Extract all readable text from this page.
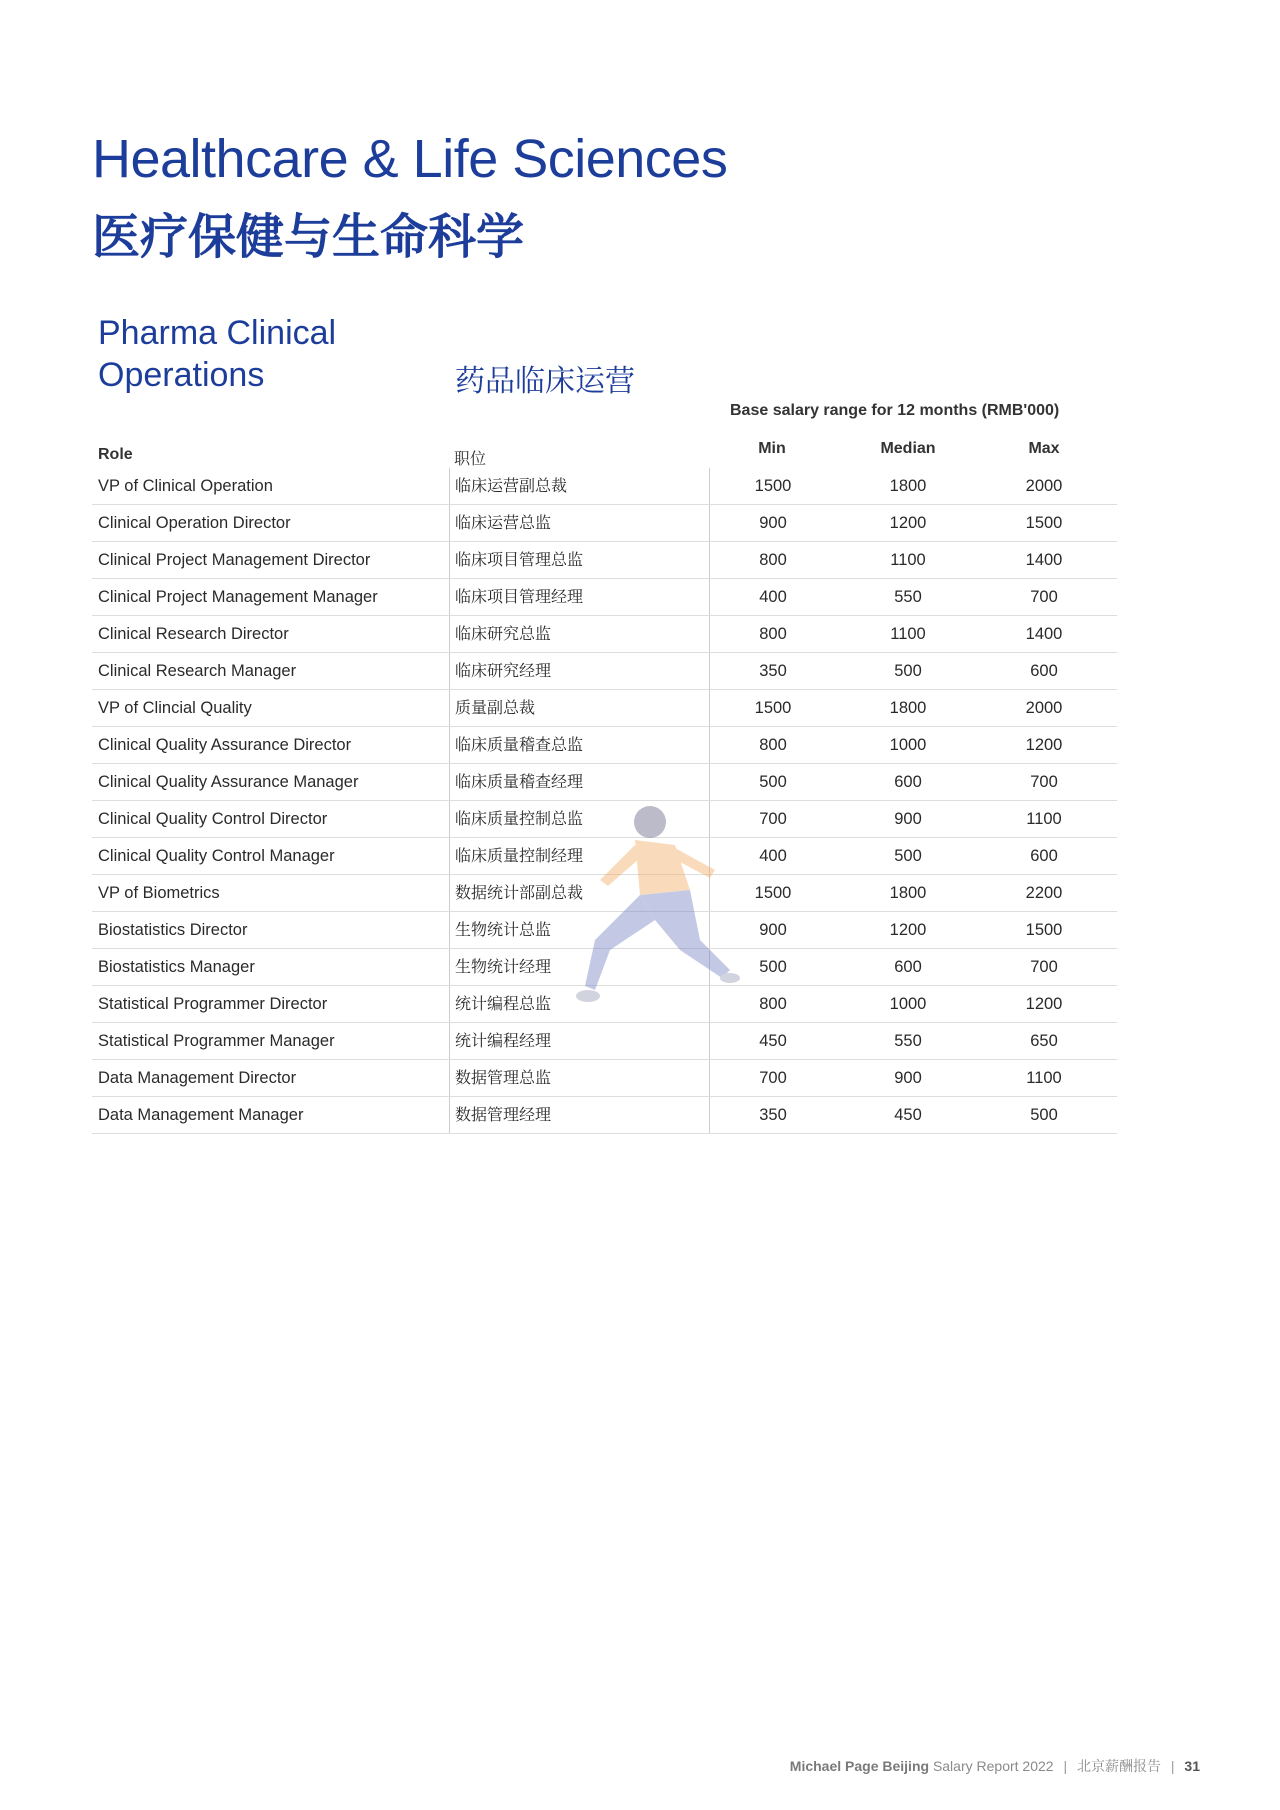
Healthcare & Life Sciences
医疗保健与生命科学
Pharma Clinical
Operations	药品临床运营
Base salary range for 12 months (RMB'000)
Role	职位
Min	Median	Max
VP of Clinical Operation	临床运营副总裁	1500	1800	2000
Clinical Operation Director	临床运营总监	900	1200	1500
Clinical Project Management Director	临床项目管理总监	800	1100	1400
Clinical Project Management Manager	临床项目管理经理	400	550	700
Clinical Research Director	临床研究总监	800	1100	1400
Clinical Research Manager	临床研究经理	350	500	600
VP of Clincial Quality	质量副总裁	1500	1800	2000
Clinical Quality Assurance Director	临床质量稽查总监	800	1000	1200
Clinical Quality Assurance Manager	临床质量稽查经理	500	600	700
Clinical Quality Control Director	临床质量控制总监	700	900	1100
Clinical Quality Control Manager	临床质量控制经理	400	500	600
VP of Biometrics	数据统计部副总裁	1500	1800	2200
Biostatistics Director	生物统计总监	900	1200	1500
Biostatistics Manager	生物统计经理	500	600	700
Statistical Programmer Director	统计编程总监	800	1000	1200
Statistical Programmer Manager	统计编程经理	450	550	650
Data Management Director	数据管理总监	700	900	1100
Data Management Manager	数据管理经理	350	450	500
Michael Page Beijing Salary Report 2022 | 北京薪酬报告 | 31
